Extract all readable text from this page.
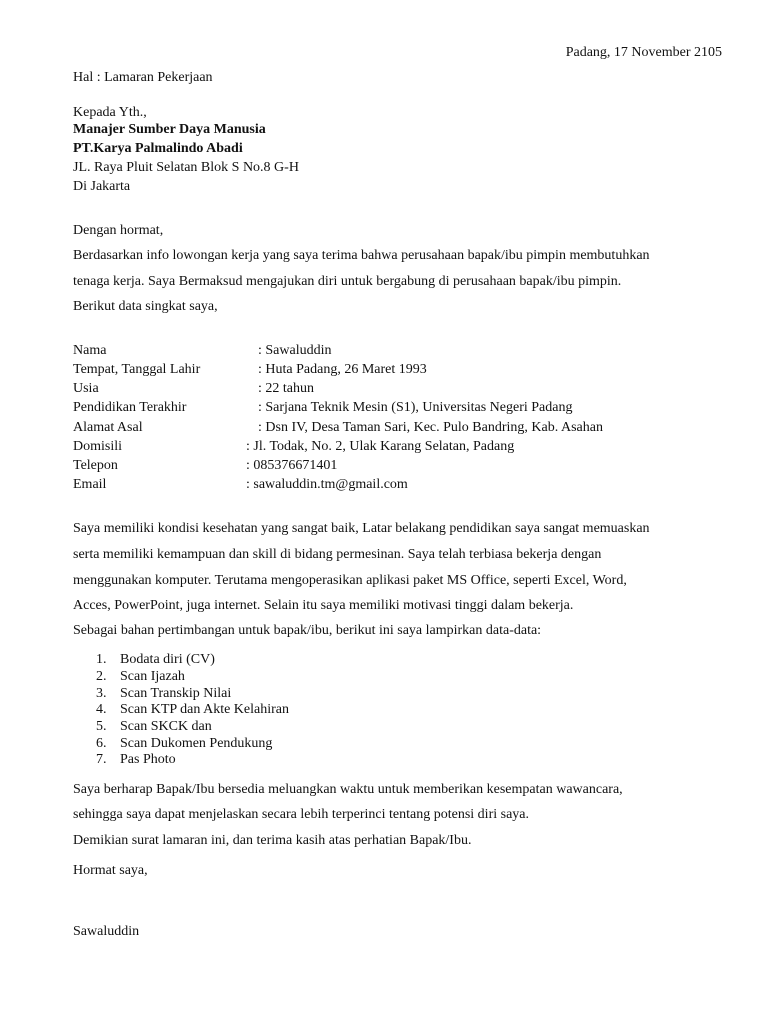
Padang, 17 November 2105
Hal : Lamaran Pekerjaan
Kepada Yth.,
Manajer Sumber Daya Manusia
PT.Karya Palmalindo Abadi
JL. Raya Pluit Selatan Blok S No.8 G-H
Di Jakarta
Dengan hormat,
Berdasarkan info lowongan kerja yang saya terima bahwa perusahaan bapak/ibu pimpin membutuhkan
tenaga kerja. Saya Bermaksud mengajukan diri untuk bergabung di perusahaan bapak/ibu pimpin.
Berikut data singkat saya,
Nama	: Sawaluddin
Tempat, Tanggal Lahir	: Huta Padang, 26 Maret 1993
Usia	: 22 tahun
Pendidikan Terakhir	: Sarjana Teknik Mesin (S1), Universitas Negeri Padang
Alamat Asal	: Dsn IV, Desa Taman Sari, Kec. Pulo Bandring, Kab. Asahan
Domisili	: Jl. Todak, No. 2, Ulak Karang Selatan, Padang
Telepon	: 085376671401
Email	: sawaluddin.tm@gmail.com
Saya memiliki kondisi kesehatan yang sangat baik, Latar belakang pendidikan saya sangat memuaskan
serta memiliki kemampuan dan skill di bidang permesinan. Saya telah terbiasa bekerja dengan
menggunakan komputer. Terutama mengoperasikan aplikasi paket MS Office, seperti Excel, Word,
Acces, PowerPoint, juga internet. Selain itu saya memiliki motivasi tinggi dalam bekerja.
Sebagai bahan pertimbangan untuk bapak/ibu, berikut ini saya lampirkan data-data:
1. Bodata diri (CV)
2. Scan Ijazah
3. Scan Transkip Nilai
4. Scan KTP dan Akte Kelahiran
5. Scan SKCK dan
6. Scan Dukomen Pendukung
7. Pas Photo
Saya berharap Bapak/Ibu bersedia meluangkan waktu untuk memberikan kesempatan wawancara,
sehingga saya dapat menjelaskan secara lebih terperinci tentang potensi diri saya.
Demikian surat lamaran ini, dan terima kasih atas perhatian Bapak/Ibu.
Hormat saya,
Sawaluddin
